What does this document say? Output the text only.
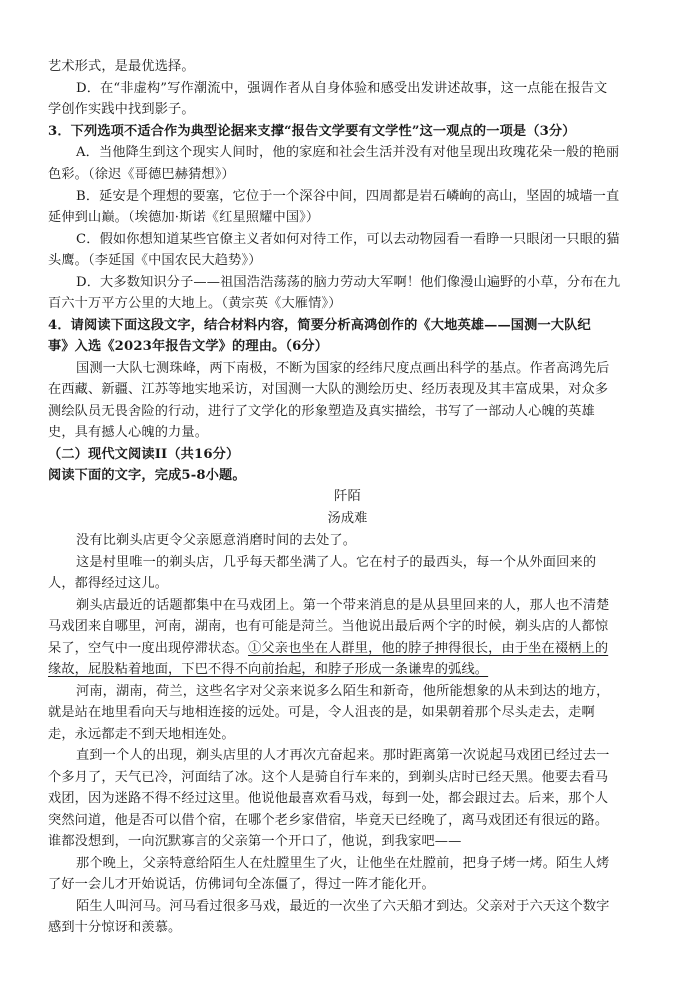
艺术形式，是最优选择。
D．在“非虚构”写作潮流中，强调作者从自身体验和感受出发讲述故事，这一点能在报告文
学创作实践中找到影子。
3．下列选项不适合作为典型论据来支撑“报告文学要有文学性”这一观点的一项是（3分）
A．当他降生到这个现实人间时，他的家庭和社会生活并没有对他呈现出玫瑰花朵一般的艳丽
色彩。（徐迟《哥德巴赫猜想》）
B．延安是个理想的要塞，它位于一个深谷中间，四周都是岩石嶙峋的高山，坚固的城墙一直
延伸到山巅。（埃德加·斯诺《红星照耀中国》）
C．假如你想知道某些官僚主义者如何对待工作，可以去动物园看一看睁一只眼闭一只眼的猫
头鹰。（李延国《中国农民大趋势》）
D．大多数知识分子——祖国浩浩荡荡的脑力劳动大军啊！他们像漫山遍野的小草，分布在九
百六十万平方公里的大地上。（黄宗英《大雁情》）
4．请阅读下面这段文字，结合材料内容，简要分析高鸿创作的《大地英雄——国测一大队纪
事》入选《2023年报告文学》的理由。（6分）
国测一大队七测珠峰，两下南极，不断为国家的经纬尺度点画出科学的基点。作者高鸿先后
在西藏、新疆、江苏等地实地采访，对国测一大队的测绘历史、经历表现及其丰富成果，对众多
测绘队员无畏舍险的行动，进行了文学化的形象塑造及真实描绘，书写了一部动人心魄的英雄
史，具有撼人心魄的力量。
（二）现代文阅读II（共16分）
阅读下面的文字，完成5-8小题。
阡陌
汤成难
没有比剃头店更令父亲愿意消磨时间的去处了。
这是村里唯一的剃头店，几乎每天都坐满了人。它在村子的最西头，每一个从外面回来的
人，都得经过这儿。
剃头店最近的话题都集中在马戏团上。第一个带来消息的是从县里回来的人，那人也不清楚
马戏团来自哪里，河南，湖南，也有可能是菏兰。当他说出最后两个字的时候，剃头店的人都惊
呆了，空气中一度出现停滞状态。①父亲也坐在人群里，他的脖子抻得很长，由于坐在裰柄上的
缘故，屁股粘着地面，下巴不得不向前抬起，和脖子形成一条谦卑的弧线。
河南，湖南，荷兰，这些名字对父亲来说多么陌生和新奇，他所能想象的从未到达的地方，
就是站在地里看向天与地相连接的远处。可是，令人沮丧的是，如果朝着那个尽头走去，走啊
走，永远都走不到天地相连处。
直到一个人的出现，剃头店里的人才再次亢奋起来。那时距离第一次说起马戏团已经过去一
个多月了，天气已冷，河面结了冰。这个人是骑自行车来的，到剃头店时已经天黑。他要去看马
戏团，因为迷路不得不经过这里。他说他最喜欢看马戏，每到一处，都会跟过去。后来，那个人
突然问道，他是否可以借个宿，在哪个老乡家借宿，毕竟天已经晚了，离马戏团还有很远的路。
谁都没想到，一向沉默寡言的父亲第一个开口了，他说，到我家吧——
那个晚上，父亲特意给陌生人在灶膛里生了火，让他坐在灶膛前，把身子烤一烤。陌生人烤
了好一会儿才开始说话，仿佛词句全冻僵了，得过一阵才能化开。
陌生人叫河马。河马看过很多马戏，最近的一次坐了六天船才到达。父亲对于六天这个数字
感到十分惊讶和羡慕。
